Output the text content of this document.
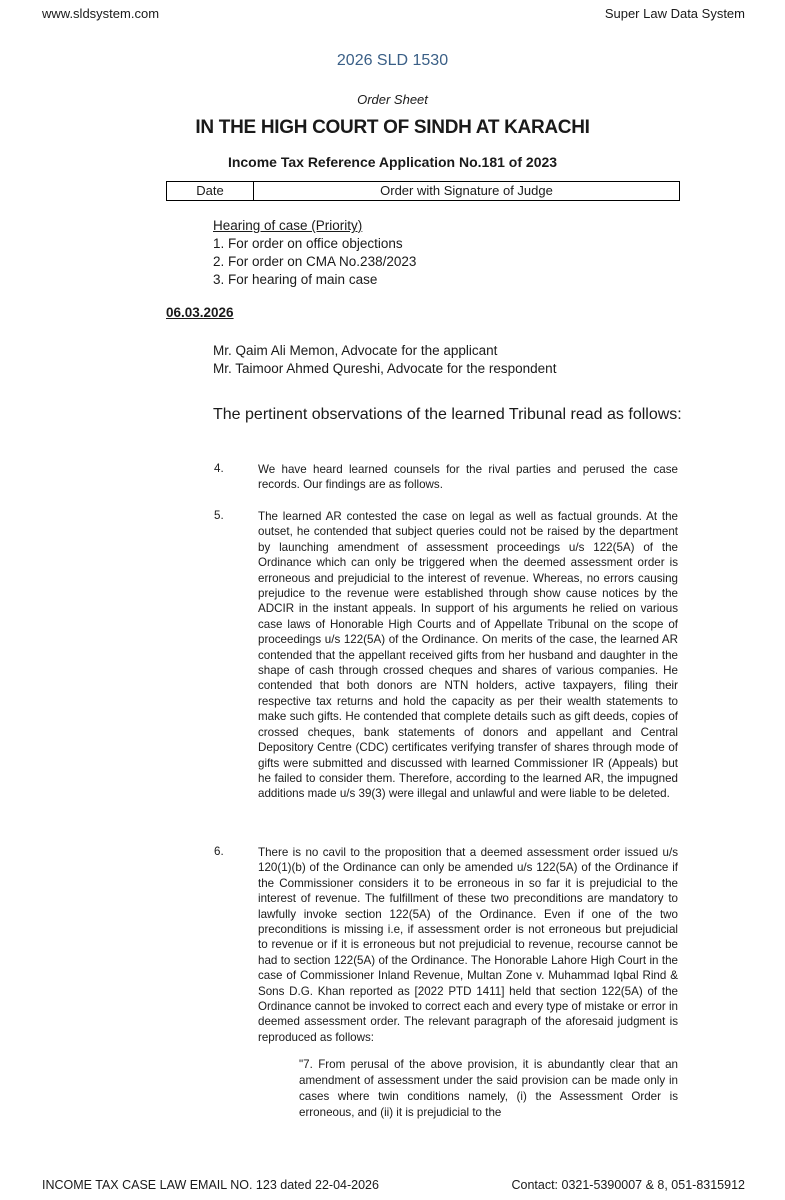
www.sldsystem.com	Super Law Data System
2026 SLD 1530
Order Sheet
IN THE HIGH COURT OF SINDH AT KARACHI
Income Tax Reference Application No.181 of 2023
Date	Order with Signature of Judge
Hearing of case (Priority)
1. For order on office objections
2. For order on CMA No.238/2023
3. For hearing of main case
06.03.2026
Mr. Qaim Ali Memon, Advocate for the applicant
Mr. Taimoor Ahmed Qureshi, Advocate for the respondent
The pertinent observations of the learned Tribunal read as follows:
4.	We have heard learned counsels for the rival parties and perused the case records. Our findings are as follows.
5.	The learned AR contested the case on legal as well as factual grounds. At the outset, he contended that subject queries could not be raised by the department by launching amendment of assessment proceedings u/s 122(5A) of the Ordinance which can only be triggered when the deemed assessment order is erroneous and prejudicial to the interest of revenue. Whereas, no errors causing prejudice to the revenue were established through show cause notices by the ADCIR in the instant appeals. In support of his arguments he relied on various case laws of Honorable High Courts and of Appellate Tribunal on the scope of proceedings u/s 122(5A) of the Ordinance. On merits of the case, the learned AR contended that the appellant received gifts from her husband and daughter in the shape of cash through crossed cheques and shares of various companies. He contended that both donors are NTN holders, active taxpayers, filing their respective tax returns and hold the capacity as per their wealth statements to make such gifts. He contended that complete details such as gift deeds, copies of crossed cheques, bank statements of donors and appellant and Central Depository Centre (CDC) certificates verifying transfer of shares through mode of gifts were submitted and discussed with learned Commissioner IR (Appeals) but he failed to consider them. Therefore, according to the learned AR, the impugned additions made u/s 39(3) were illegal and unlawful and were liable to be deleted.
6.	There is no cavil to the proposition that a deemed assessment order issued u/s 120(1)(b) of the Ordinance can only be amended u/s 122(5A) of the Ordinance if the Commissioner considers it to be erroneous in so far it is prejudicial to the interest of revenue. The fulfillment of these two preconditions are mandatory to lawfully invoke section 122(5A) of the Ordinance. Even if one of the two preconditions is missing i.e, if assessment order is not erroneous but prejudicial to revenue or if it is erroneous but not prejudicial to revenue, recourse cannot be had to section 122(5A) of the Ordinance. The Honorable Lahore High Court in the case of Commissioner Inland Revenue, Multan Zone v. Muhammad Iqbal Rind & Sons D.G. Khan reported as [2022 PTD 1411] held that section 122(5A) of the Ordinance cannot be invoked to correct each and every type of mistake or error in deemed assessment order. The relevant paragraph of the aforesaid judgment is reproduced as follows:
"7. From perusal of the above provision, it is abundantly clear that an amendment of assessment under the said provision can be made only in cases where twin conditions namely, (i) the Assessment Order is erroneous, and (ii) it is prejudicial to the
INCOME TAX CASE LAW EMAIL NO. 123 dated 22-04-2026	Contact: 0321-5390007 & 8, 051-8315912
